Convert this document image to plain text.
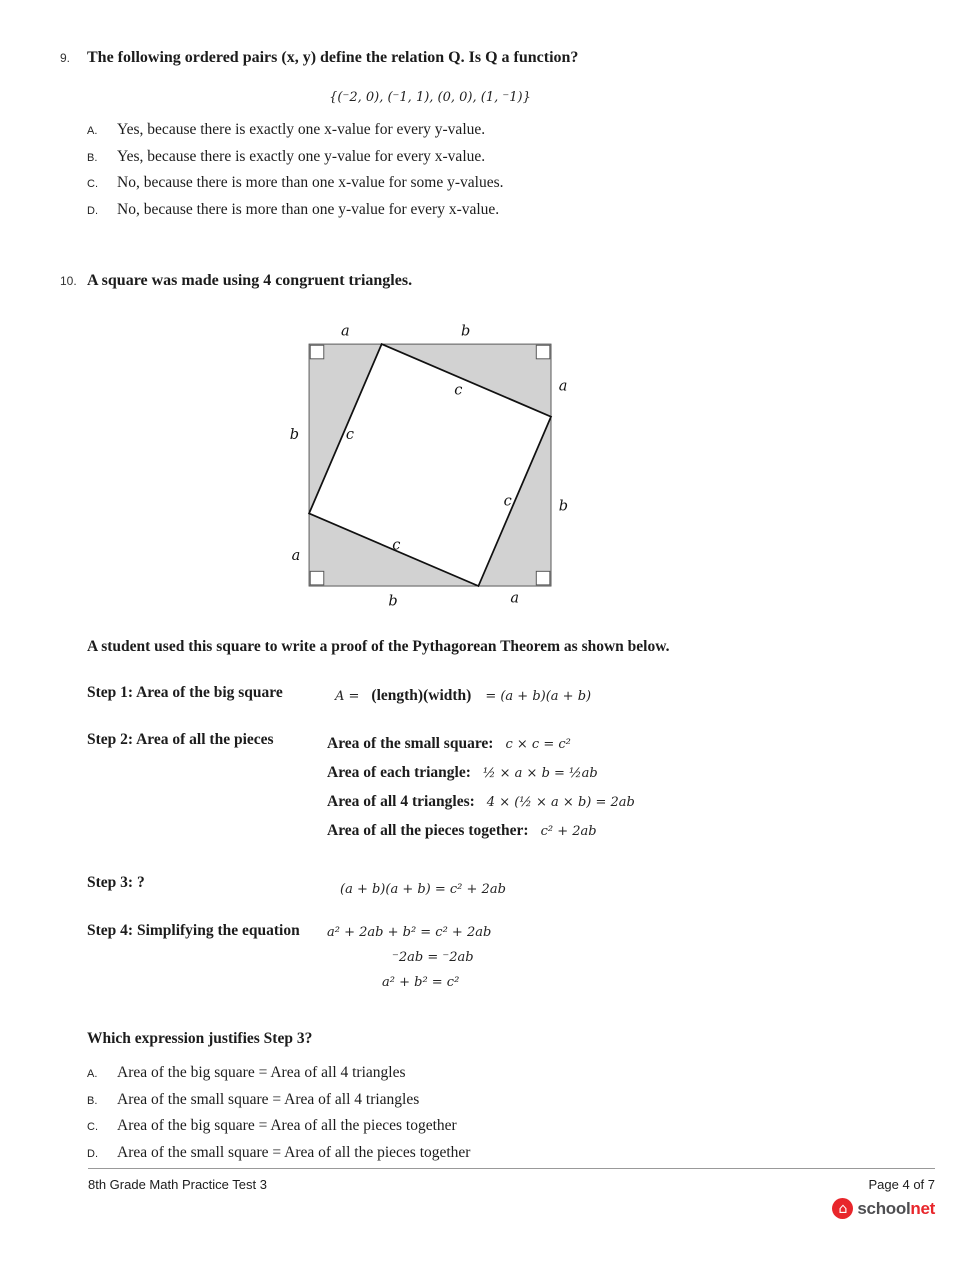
9.	The following ordered pairs (x, y) define the relation Q. Is Q a function?
{(⁻2, 0), (⁻1, 1), (0, 0), (1, ⁻1)}
A.	Yes, because there is exactly one x-value for every y-value.
B.	Yes, because there is exactly one y-value for every x-value.
C.	No, because there is more than one x-value for some y-values.
D.	No, because there is more than one y-value for every x-value.
10. A square was made using 4 congruent triangles.
a	b
a
b
b	a
b
a
c
c
c
c

A student used this square to write a proof of the Pythagorean Theorem as shown below.

Step 1: Area of the big square	A = (length)(width) = (a + b)(a + b)
Step 2: Area of all the pieces	Area of the small square: c × c = c²
Area of each triangle: ½ × a × b = ½ab
Area of all 4 triangles: 4 × (½ × a × b) = 2ab
Area of all the pieces together: c² + 2ab
Step 3: ?	(a + b)(a + b) = c² + 2ab
Step 4: Simplifying the equation	a² + 2ab + b² = c² + 2ab
⁻2ab = ⁻2ab
a² + b² = c²

Which expression justifies Step 3?

A.	Area of the big square = Area of all 4 triangles
B.	Area of the small square = Area of all 4 triangles
C.	Area of the big square = Area of all the pieces together
D.	Area of the small square = Area of all the pieces together
8th Grade Math Practice Test 3	Page 4 of 7
⌂ school net
